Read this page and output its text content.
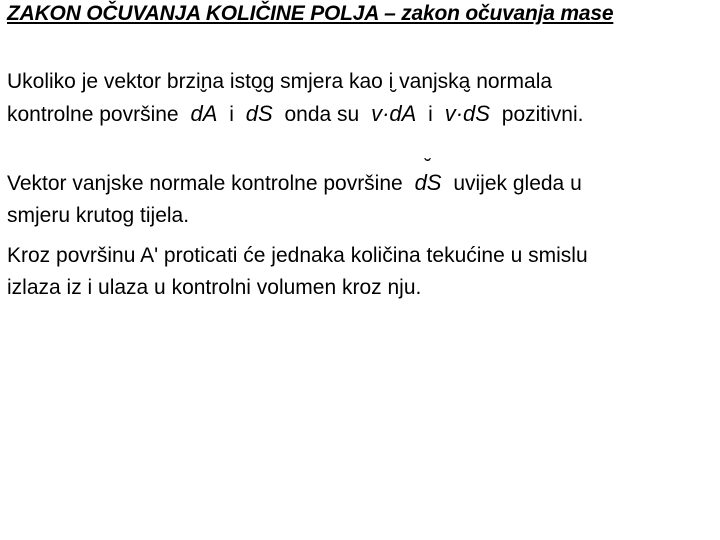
ZAKON OČUVANJA KOLIČINE POLJA – zakon očuvanja mase
Ukoliko je vektor brzina istog smjera kao i vanjska normala
kontrolne površine ˘ dA i ˘ dS onda su ˘ v·dA i ˘ v·dS pozitivni.
Vektor vanjske normale kontrolne površine ˘ dS uvijek gleda u
smjeru krutog tijela.
Kroz površinu A' proticati će jednaka količina tekućine u smislu
izlaza iz i ulaza u kontrolni volumen kroz nju.
